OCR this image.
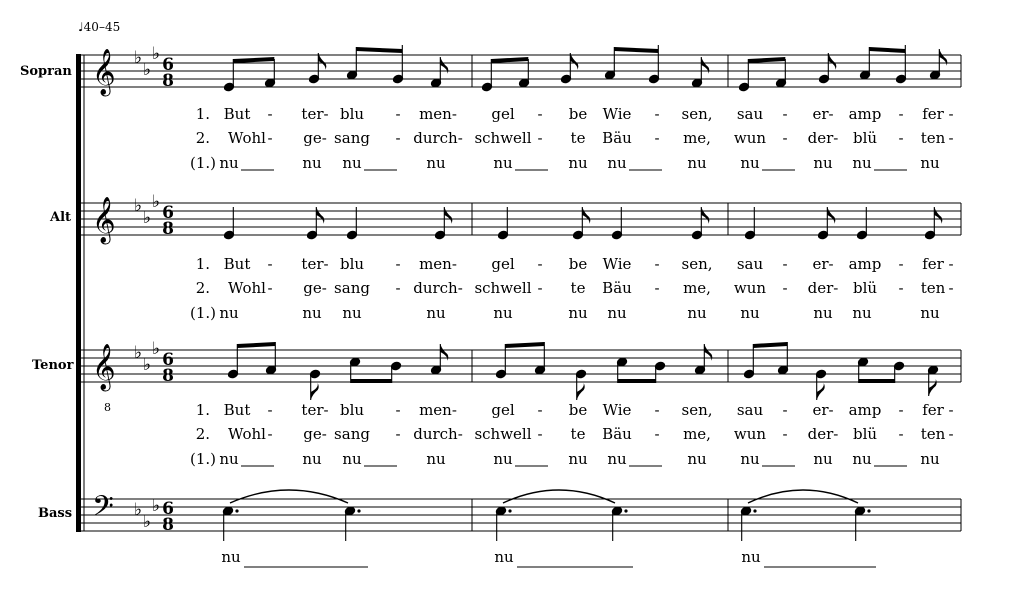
𝄞 ♭
♭
♭
6
8
𝄞 ♭
♭
♭
6
8
𝄞 ♭
♭
♭
6
8
𝄢 ♭
♭
♭ 6
8
8
♩40–45
Sopran
Alt
Tenor
Bass
1. But - ter- blu - men- gel - be Wie - sen, sau - er- amp - fer -
2. Wohl - ge- sang - durch- schwell - te Bäu - me, wun - der- blü - ten -
(1.) nu	nu nu	nu	nu	nu nu	nu nu	nu nu	nu
1. But - ter- blu - men- gel - be Wie - sen, sau - er- amp - fer -
2. Wohl - ge- sang - durch- schwell - te Bäu - me, wun - der- blü - ten -
(1.) nu	nu nu	nu	nu	nu nu	nu nu	nu nu	nu
1. But - ter- blu - men- gel - be Wie - sen, sau - er- amp - fer -
2. Wohl - ge- sang - durch- schwell - te Bäu - me, wun - der- blü - ten -
(1.) nu	nu nu	nu	nu	nu nu	nu nu	nu nu	nu
nu	nu	nu
